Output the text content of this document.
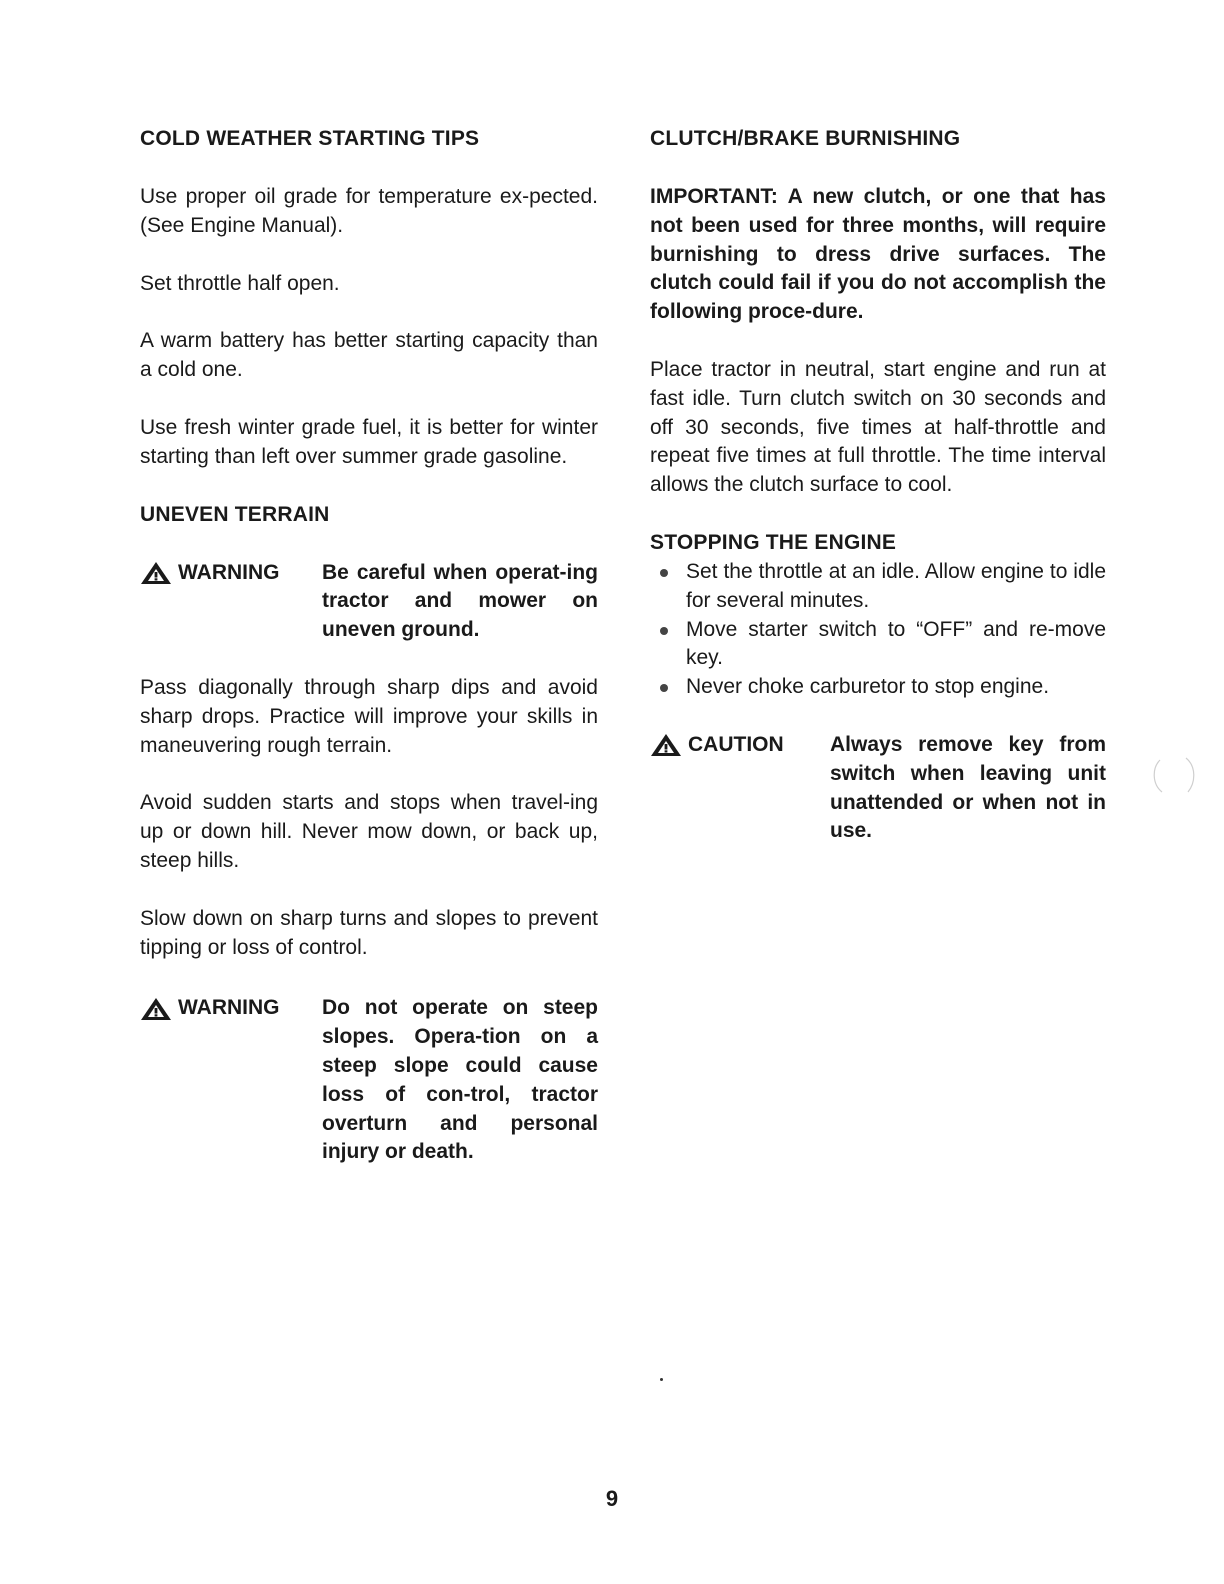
COLD WEATHER STARTING TIPS

Use proper oil grade for temperature ex-pected. (See Engine Manual).

Set throttle half open.

A warm battery has better starting capacity than a cold one.

Use fresh winter grade fuel, it is better for winter starting than left over summer grade gasoline.

UNEVEN TERRAIN
WARNING Be careful when operat-ing tractor and mower on uneven ground.

Pass diagonally through sharp dips and avoid sharp drops. Practice will improve your skills in maneuvering rough terrain.

Avoid sudden starts and stops when travel-ing up or down hill. Never mow down, or back up, steep hills.

Slow down on sharp turns and slopes to prevent tipping or loss of control.

WARNING Do not operate on steep slopes. Opera-tion on a steep slope could cause loss of con-trol, tractor overturn and personal injury or death.
CLUTCH/BRAKE BURNISHING

IMPORTANT: A new clutch, or one that has not been used for three months, will require burnishing to dress drive surfaces. The clutch could fail if you do not accomplish the following proce-dure.

Place tractor in neutral, start engine and run at fast idle. Turn clutch switch on 30 seconds and off 30 seconds, five times at half-throttle and repeat five times at full throttle. The time interval allows the clutch surface to cool.

STOPPING THE ENGINE
Set the throttle at an idle. Allow engine to idle for several minutes.
Move starter switch to “OFF” and re-move key.
Never choke carburetor to stop engine.
CAUTION Always remove key from switch when leaving unit unattended or when not in use.
9
